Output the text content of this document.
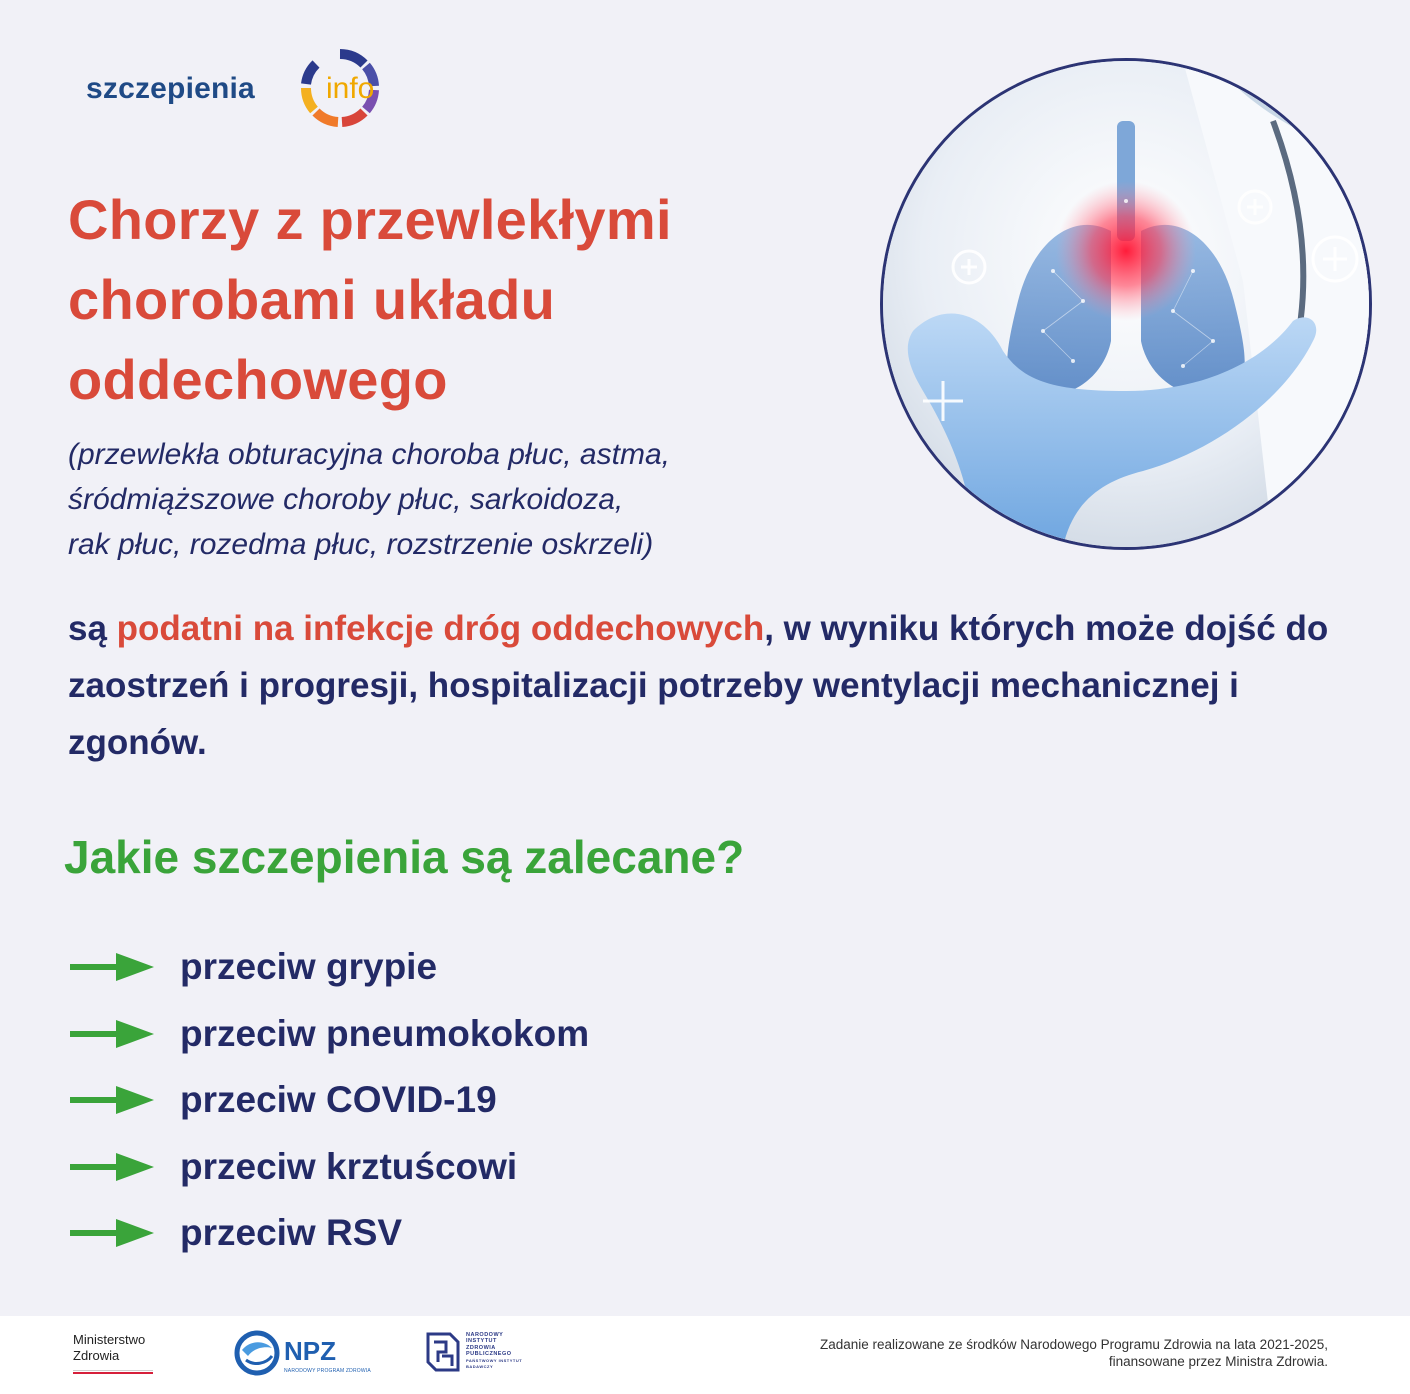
szczepienia info
Chorzy z przewlekłymi
chorobami układu
oddechowego
(przewlekła obturacyjna choroba płuc, astma,
śródmiąższowe choroby płuc, sarkoidoza,
rak płuc, rozedma płuc, rozstrzenie oskrzeli)
są podatni na infekcje dróg oddechowych, w wyniku których może dojść do zaostrzeń i progresji, hospitalizacji potrzeby wentylacji mechanicznej i zgonów.
Jakie szczepienia są zalecane?
przeciw grypie
przeciw pneumokokom
przeciw COVID-19
przeciw krztuścowi
przeciw RSV
Ministerstwo
Zdrowia	NPZ
NARODOWY PROGRAM ZDROWIA
NARODOWY
INSTYTUT
ZDROWIA
PUBLICZNEGO
PAŃSTWOWY INSTYTUT
BADAWCZY
Zadanie realizowane ze środków Narodowego Programu Zdrowia na lata 2021-2025,
finansowane przez Ministra Zdrowia.
